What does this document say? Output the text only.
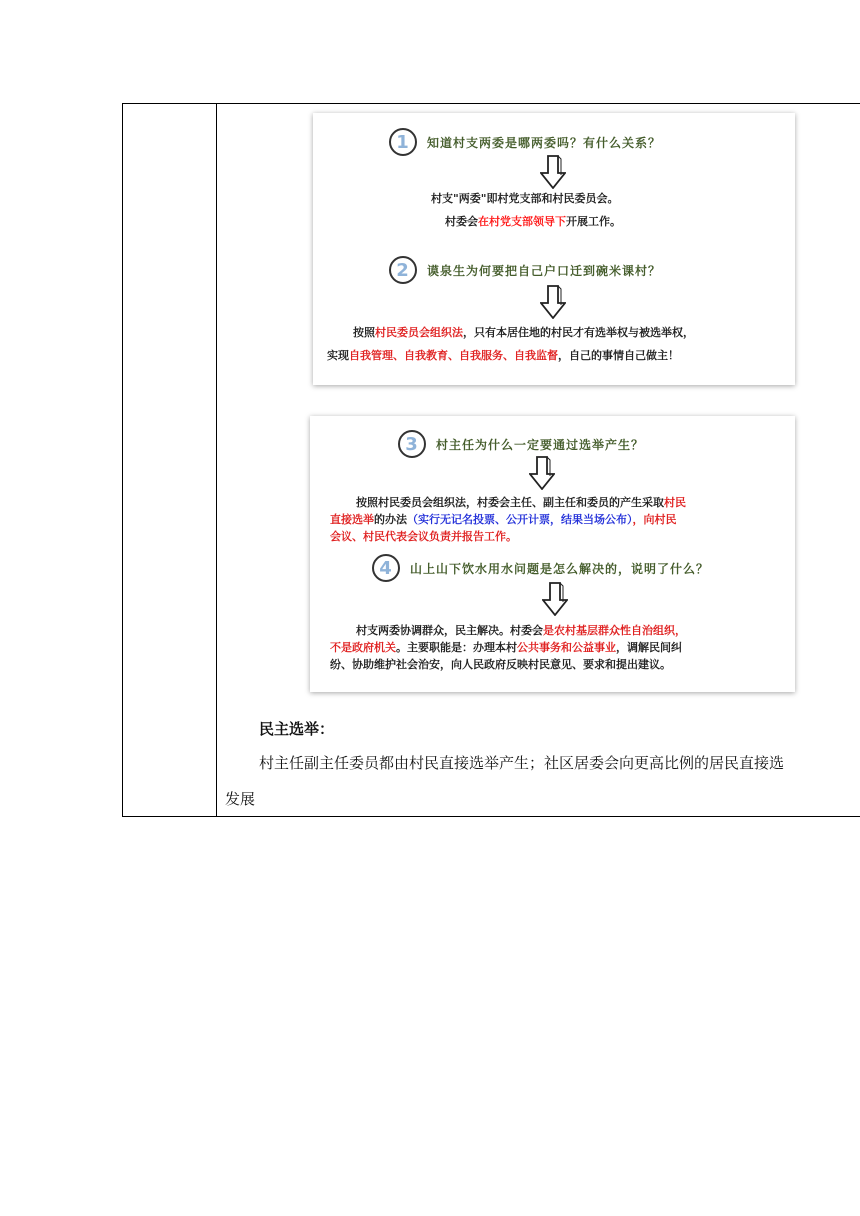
1	知道村支两委是哪两委吗？有什么关系？
村支"两委"即村党支部和村民委员会。
村委会在村党支部领导下开展工作。
2	谟泉生为何要把自己户口迁到碗米课村？
按照村民委员会组织法，只有本居住地的村民才有选举权与被选举权，
实现自我管理、自我教育、自我服务、自我监督，自己的事情自己做主！
3	村主任为什么一定要通过选举产生？
按照村民委员会组织法，村委会主任、副主任和委员的产生采取村民
直接选举的办法（实行无记名投票、公开计票，结果当场公布），向村民
会议、村民代表会议负责并报告工作。
4	山上山下饮水用水问题是怎么解决的，说明了什么？
村支两委协调群众，民主解决。村委会是农村基层群众性自治组织，
不是政府机关。主要职能是：办理本村公共事务和公益事业，调解民间纠
纷、协助维护社会治安，向人民政府反映村民意见、要求和提出建议。
民主选举：
村主任副主任委员都由村民直接选举产生；社区居委会向更高比例的居民直接选
发展
